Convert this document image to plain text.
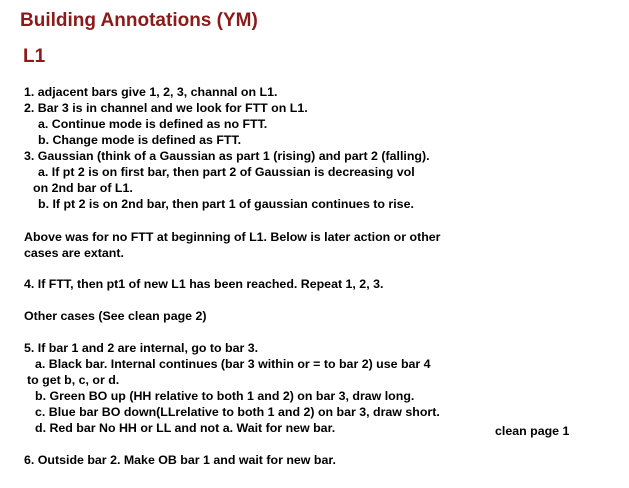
Building Annotations (YM)
L1
1. adjacent bars give 1, 2, 3, channal on L1.
2. Bar 3 is in channel and we look for FTT on L1.
a. Continue mode is defined as no FTT.
b. Change mode is defined as FTT.
3. Gaussian (think of a Gaussian as part 1 (rising) and part 2 (falling).
a. If pt 2 is on first bar, then part 2 of Gaussian is decreasing vol
on 2nd bar of L1.
b. If pt 2 is on 2nd bar, then part 1 of gaussian continues to rise.
Above was for no FTT at beginning of L1. Below is later action or other
cases are extant.
4. If FTT, then pt1 of new L1 has been reached. Repeat 1, 2, 3.
Other cases (See clean page 2)
5. If bar 1 and 2 are internal, go to bar 3.
a. Black bar. Internal continues (bar 3 within or = to bar 2) use bar 4
to get b, c, or d.
b. Green BO up (HH relative to both 1 and 2) on bar 3, draw long.
c. Blue bar BO down(LLrelative to both 1 and 2) on bar 3, draw short.
d. Red bar No HH or LL and not a. Wait for new bar.
6. Outside bar 2. Make OB bar 1 and wait for new bar.
clean page 1
